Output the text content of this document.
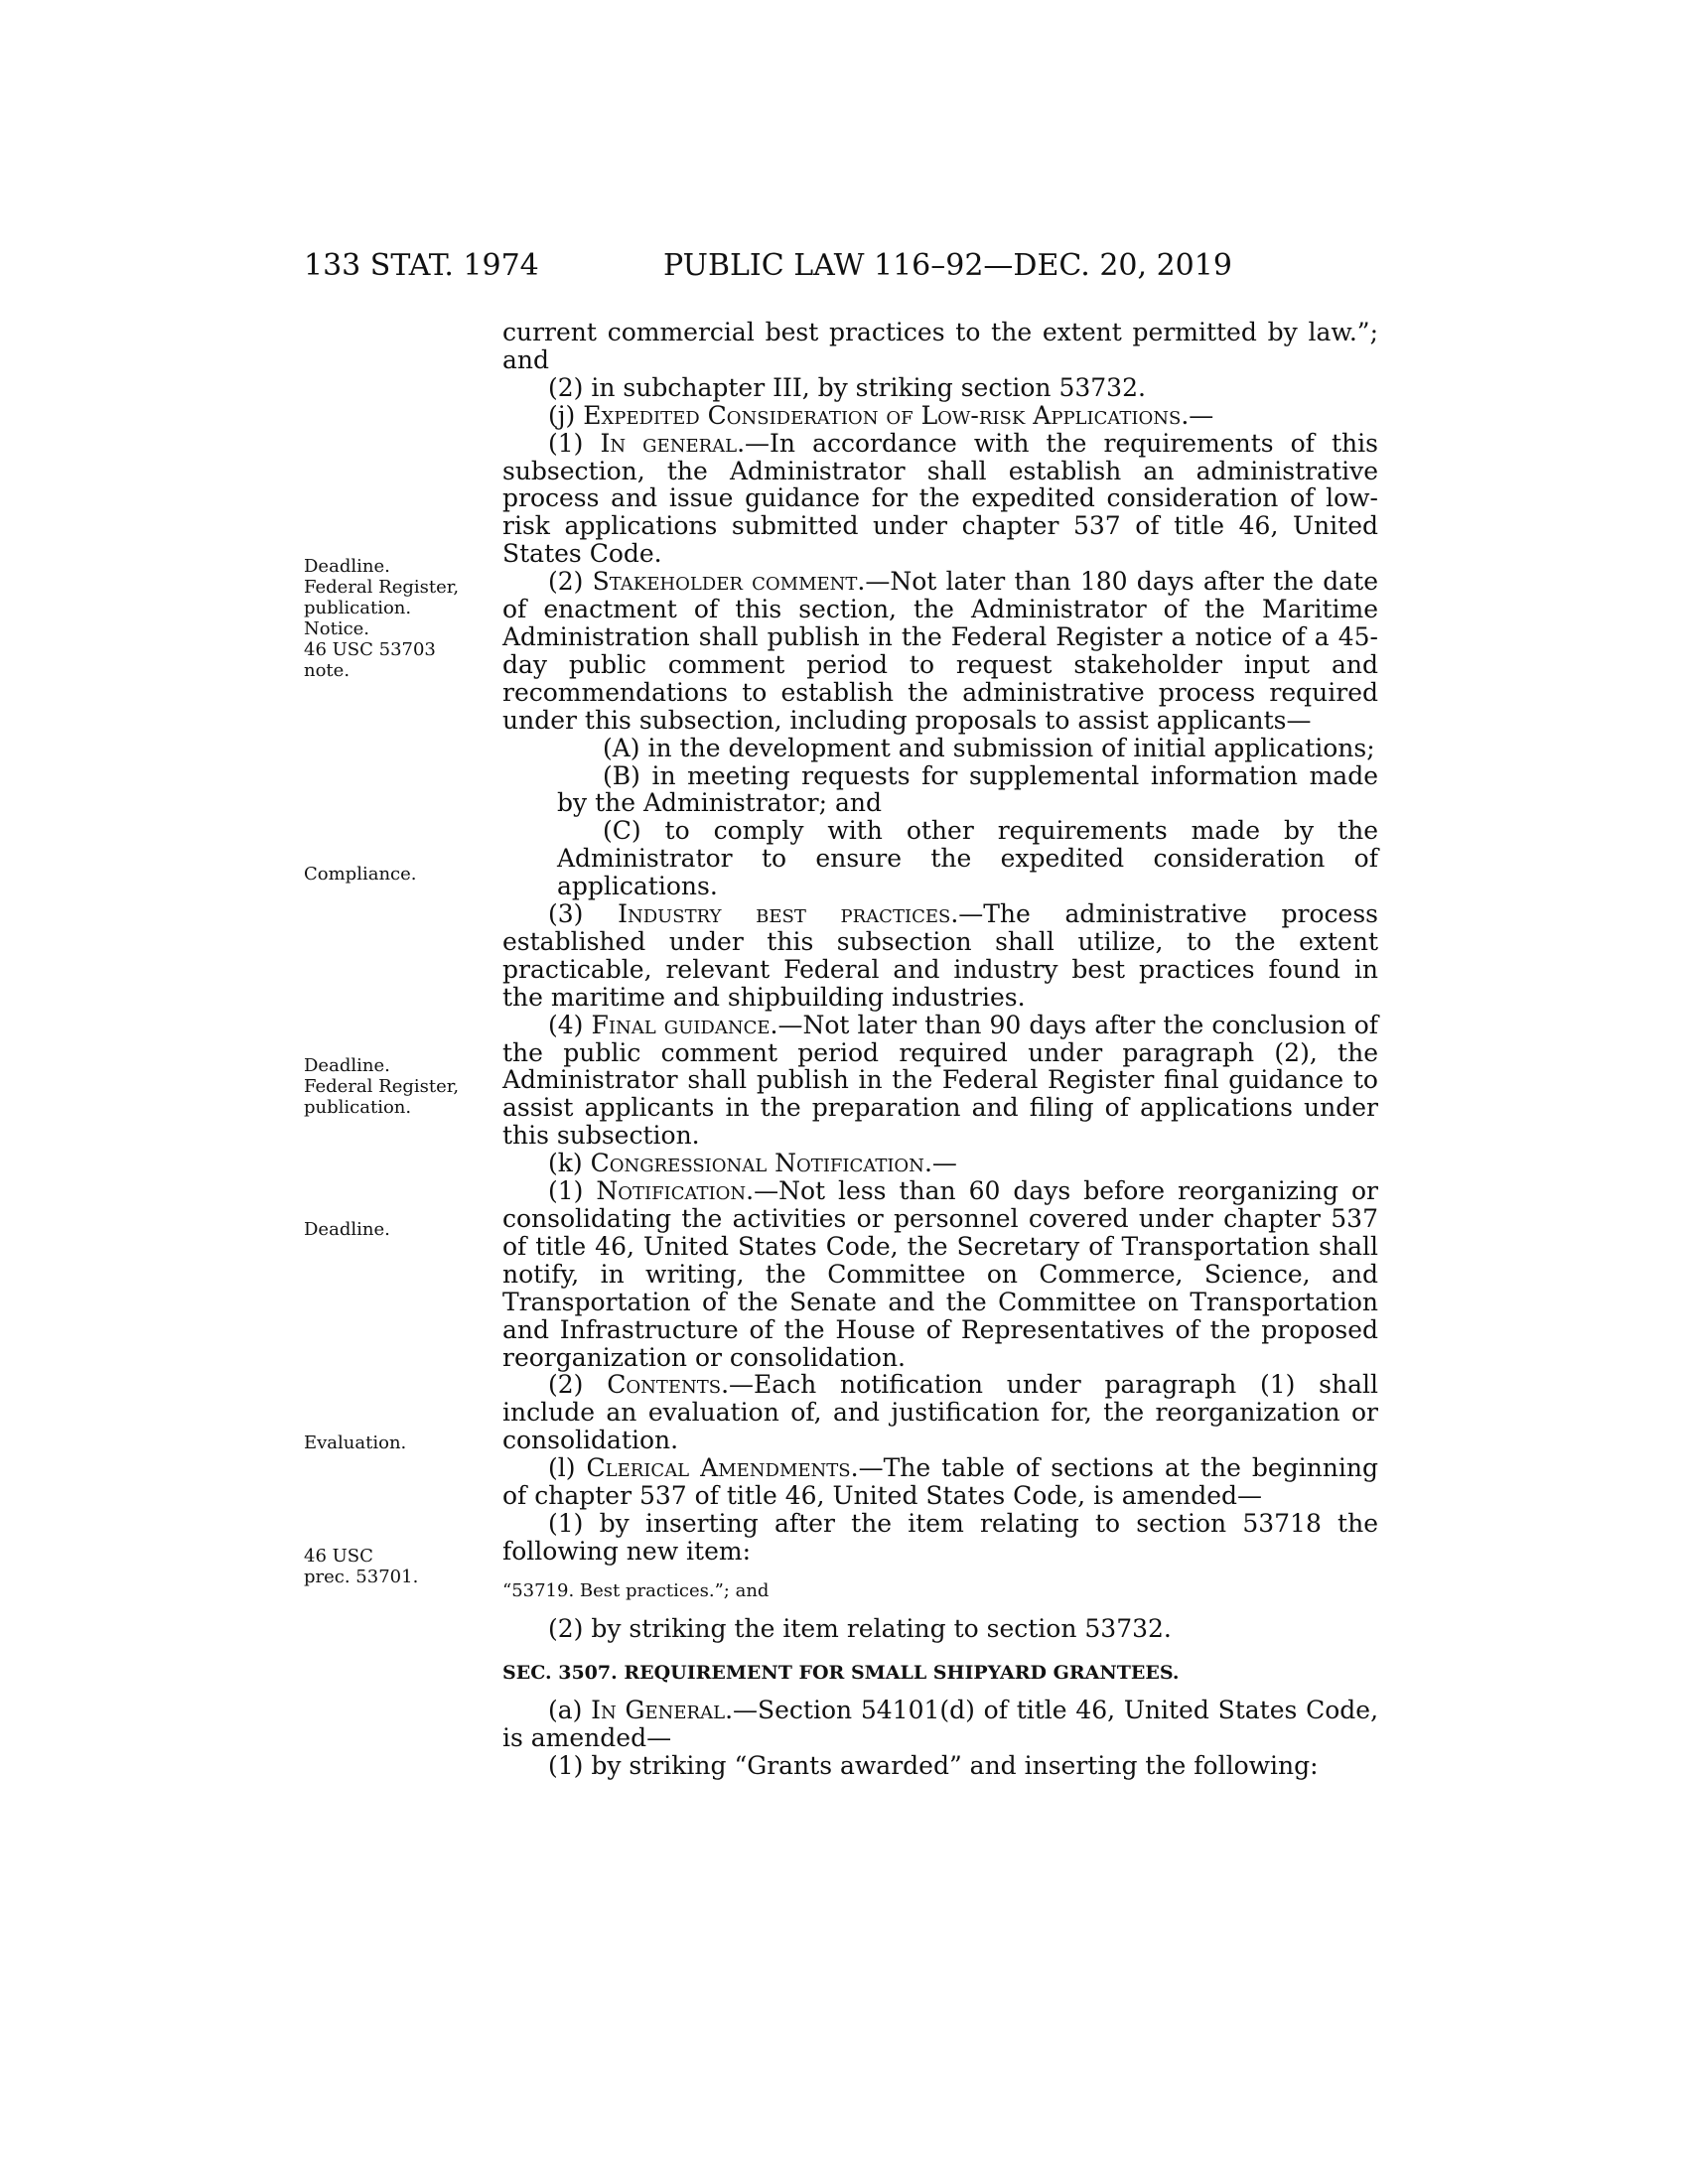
133 STAT. 1974	PUBLIC LAW 116–92—DEC. 20, 2019
Deadline.
Federal Register,
publication.
Notice.
46 USC 53703
note.
Compliance.
Deadline.
Federal Register,
publication.
Deadline.
Evaluation.
46 USC
prec. 53701.

current commercial best practices to the extent permitted by law.”; and

(2) in subchapter III, by striking section 53732.

(j) Expedited Consideration of Low-risk Applications.—

(1) In general.—In accordance with the requirements of this subsection, the Administrator shall establish an administrative process and issue guidance for the expedited consideration of low-risk applications submitted under chapter 537 of title 46, United States Code.

(2) Stakeholder comment.—Not later than 180 days after the date of enactment of this section, the Administrator of the Maritime Administration shall publish in the Federal Register a notice of a 45-day public comment period to request stakeholder input and recommendations to establish the administrative process required under this subsection, including proposals to assist applicants—

(A) in the development and submission of initial applications;

(B) in meeting requests for supplemental information made by the Administrator; and

(C) to comply with other requirements made by the Administrator to ensure the expedited consideration of applications.

(3) Industry best practices.—The administrative process established under this subsection shall utilize, to the extent practicable, relevant Federal and industry best practices found in the maritime and shipbuilding industries.

(4) Final guidance.—Not later than 90 days after the conclusion of the public comment period required under paragraph (2), the Administrator shall publish in the Federal Register final guidance to assist applicants in the preparation and filing of applications under this subsection.

(k) Congressional Notification.—

(1) Notification.—Not less than 60 days before reorganizing or consolidating the activities or personnel covered under chapter 537 of title 46, United States Code, the Secretary of Transportation shall notify, in writing, the Committee on Commerce, Science, and Transportation of the Senate and the Committee on Transportation and Infrastructure of the House of Representatives of the proposed reorganization or consolidation.

(2) Contents.—Each notification under paragraph (1) shall include an evaluation of, and justification for, the reorganization or consolidation.

(l) Clerical Amendments.—The table of sections at the beginning of chapter 537 of title 46, United States Code, is amended—

(1) by inserting after the item relating to section 53718 the following new item:

“53719. Best practices.”; and

(2) by striking the item relating to section 53732.

SEC. 3507. REQUIREMENT FOR SMALL SHIPYARD GRANTEES.

(a) In General.—Section 54101(d) of title 46, United States Code, is amended—

(1) by striking “Grants awarded” and inserting the following:
